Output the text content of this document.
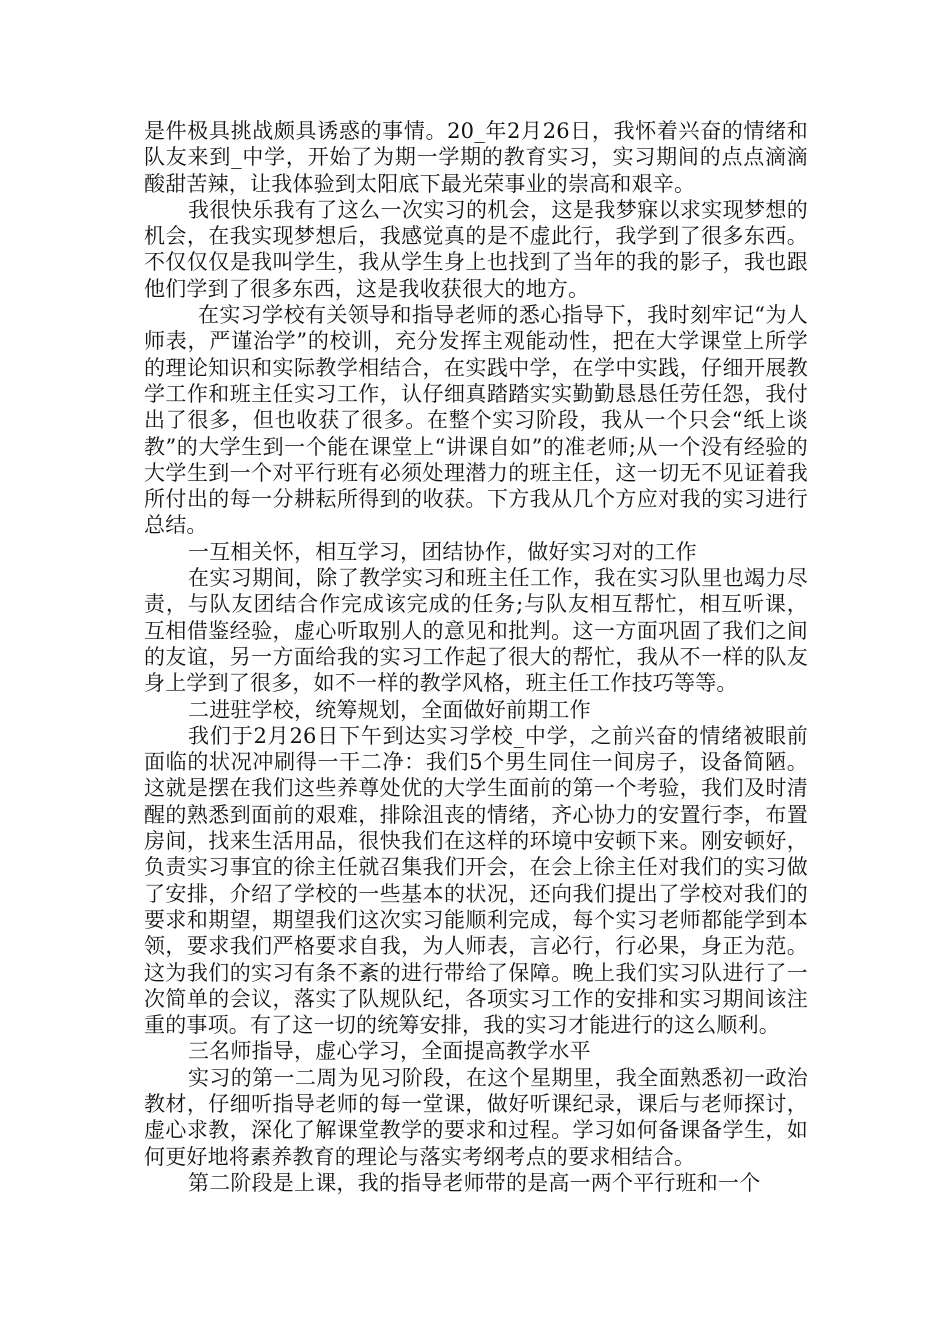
是件极具挑战颇具诱惑的事情。20_年2月26日，我怀着兴奋的情绪和队友来到_中学，开始了为期一学期的教育实习，实习期间的点点滴滴酸甜苦辣，让我体验到太阳底下最光荣事业的崇高和艰辛。

我很快乐我有了这么一次实习的机会，这是我梦寐以求实现梦想的机会，在我实现梦想后，我感觉真的是不虚此行，我学到了很多东西。不仅仅仅是我叫学生，我从学生身上也找到了当年的我的影子，我也跟他们学到了很多东西，这是我收获很大的地方。

在实习学校有关领导和指导老师的悉心指导下，我时刻牢记“为人师表，严谨治学”的校训，充分发挥主观能动性，把在大学课堂上所学的理论知识和实际教学相结合，在实践中学，在学中实践，仔细开展教学工作和班主任实习工作，认仔细真踏踏实实勤勤恳恳任劳任怨，我付出了很多，但也收获了很多。在整个实习阶段，我从一个只会“纸上谈教”的大学生到一个能在课堂上“讲课自如”的准老师;从一个没有经验的大学生到一个对平行班有必须处理潜力的班主任，这一切无不见证着我所付出的每一分耕耘所得到的收获。下方我从几个方应对我的实习进行总结。

一互相关怀，相互学习，团结协作，做好实习对的工作

在实习期间，除了教学实习和班主任工作，我在实习队里也竭力尽责，与队友团结合作完成该完成的任务;与队友相互帮忙，相互听课，互相借鉴经验，虚心听取别人的意见和批判。这一方面巩固了我们之间的友谊，另一方面给我的实习工作起了很大的帮忙，我从不一样的队友身上学到了很多，如不一样的教学风格，班主任工作技巧等等。

二进驻学校，统筹规划，全面做好前期工作

我们于2月26日下午到达实习学校_中学，之前兴奋的情绪被眼前面临的状况冲刷得一干二净：我们5个男生同住一间房子，设备简陋。这就是摆在我们这些养尊处优的大学生面前的第一个考验，我们及时清醒的熟悉到面前的艰难，排除沮丧的情绪，齐心协力的安置行李，布置房间，找来生活用品，很快我们在这样的环境中安顿下来。刚安顿好，负责实习事宜的徐主任就召集我们开会，在会上徐主任对我们的实习做了安排，介绍了学校的一些基本的状况，还向我们提出了学校对我们的要求和期望，期望我们这次实习能顺利完成，每个实习老师都能学到本领，要求我们严格要求自我，为人师表，言必行，行必果，身正为范。这为我们的实习有条不紊的进行带给了保障。晚上我们实习队进行了一次简单的会议，落实了队规队纪，各项实习工作的安排和实习期间该注重的事项。有了这一切的统筹安排，我的实习才能进行的这么顺利。

三名师指导，虚心学习，全面提高教学水平

实习的第一二周为见习阶段，在这个星期里，我全面熟悉初一政治教材，仔细听指导老师的每一堂课，做好听课纪录，课后与老师探讨，虚心求教，深化了解课堂教学的要求和过程。学习如何备课备学生，如何更好地将素养教育的理论与落实考纲考点的要求相结合。

第二阶段是上课，我的指导老师带的是高一两个平行班和一个
